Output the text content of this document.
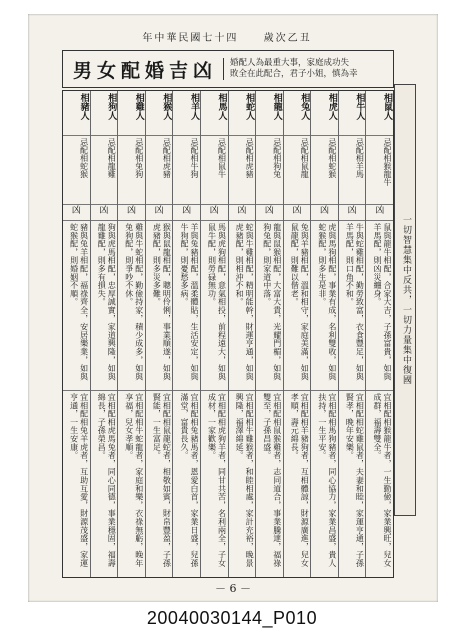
年中華民國七十四	歲次乙丑
男女配婚吉凶	婚配人為最重大事，家庭成功失
敗全在此配合，君子小姐，慎為幸
一切智慧集中反共，一切力量集中復國
相鼠人
忌配相猴龍牛
凶
鼠與龍牛相配，合家大吉，子孫富貴，如與羊馬配，則凶災纏身。
宜相配相猴龍牛者，一生勤儉，家業興旺，兒女成群，福壽雙全。
相牛人
忌配相羊馬
凶
牛與蛇雞相配，勤勞致富，衣食豐足，如與羊馬配，則口角不和。
宜相配相蛇雞鼠者，夫妻和睦，家運亨通，子孫賢孝，晚年安樂。
相虎人
忌配相蛇猴
凶
虎與馬狗相配，事業有成，名利雙收，如與蛇猴配，則多生是非。
宜相配相馬狗豬者，同心協力，家業昌盛，貴人扶持，一生平安。
相兔人
忌配相鼠龍
凶
兔與羊豬相配，溫和相守，家庭美滿，如與鼠龍配，則難以偕老。
宜相配相羊豬狗者，互相體諒，財源廣進，兒女孝順，壽元綿長。
相龍人
忌配相狗兔
凶
龍與鼠猴相配，大富大貴，光耀門楣，如與狗兔配，則家道中落。
宜相配相鼠猴雞者，志同道合，事業騰達，福祿雙至，子孫昌盛。
相蛇人
忌配相虎豬
凶
蛇與牛雞相配，精明能幹，財運亨通，如與虎豬配，則相沖不和。
宜相配相牛雞猴者，和睦相處，家計充裕，晚景興隆，福澤綿延。
相馬人
忌配相鼠牛
凶
馬與虎狗相配，意氣相投，前程遠大，如與鼠牛配，則勞碌無功。
宜相配相虎狗羊者，同甘共苦，名利兩全，子女成材，一家歡樂。
相羊人
忌配相牛狗
凶
羊與兔豬相配，溫柔體貼，生活安定，如與牛狗配，則憂愁多病。
宜相配相兔豬馬者，恩愛白首，家業日盛，兒孫滿堂，富貴長久。
相猴人
忌配相虎豬
凶
猴與鼠龍相配，聰明伶俐，事業順遂，如與虎豬配，則多災多難。
宜相配相鼠龍蛇者，相敬如賓，財帛豐盈，子孫賢能，一生富足。
相雞人
忌配相兔狗
凶
雞與牛蛇相配，勤儉持家，積少成多，如與兔狗配，則爭吵不休。
宜相配相牛蛇龍者，家庭和樂，衣祿無虧，晚年享福，兒女孝順。
相狗人
忌配相龍雞
凶
狗與虎馬相配，忠厚誠實，家道興隆，如與龍雞配，則多有損失。
宜相配相虎馬兔者，同心同德，事業穩固，福壽綿長，子孫榮昌。
相豬人
忌配相蛇猴
凶
豬與兔羊相配，福祿齊全，安居樂業，如與蛇猴配，則婚姻不順。
宜相配相兔羊虎者，互助互愛，財源茂盛，家運亨通，一生安康。
－ 6 －
20040030144_P010
